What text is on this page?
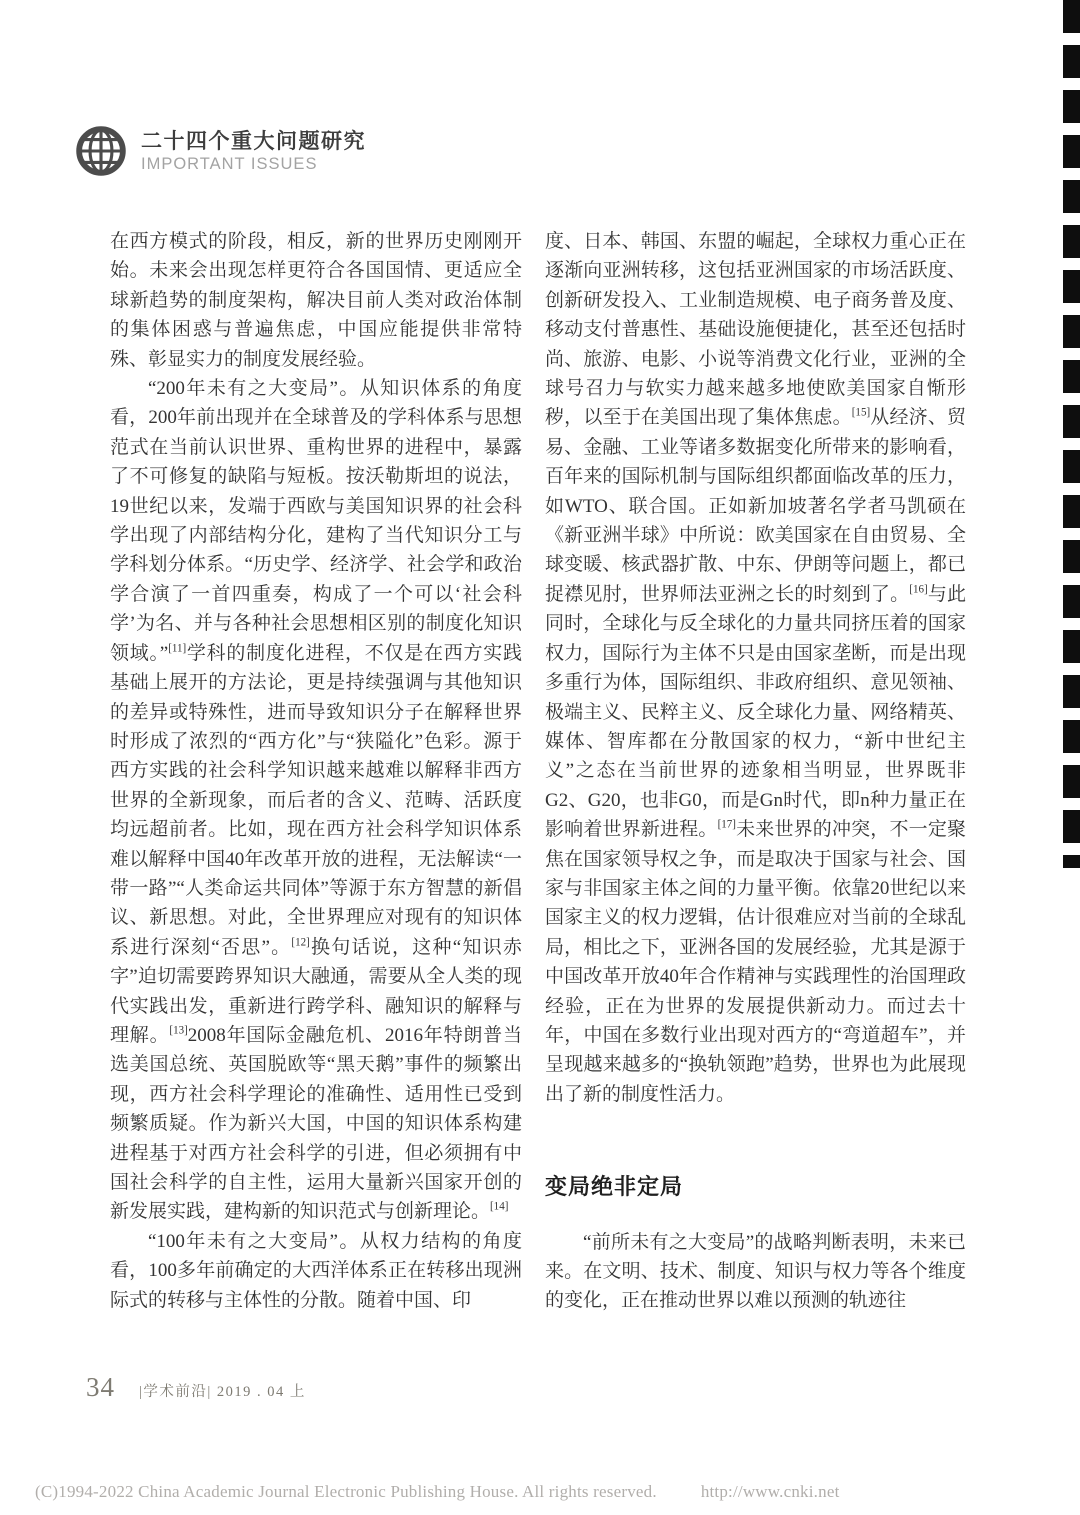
二十四个重大问题研究
IMPORTANT ISSUES

在西方模式的阶段，相反，新的世界历史刚刚开始。未来会出现怎样更符合各国国情、更适应全球新趋势的制度架构，解决目前人类对政治体制的集体困惑与普遍焦虑，中国应能提供非常特殊、彰显实力的制度发展经验。

“200年未有之大变局”。从知识体系的角度看，200年前出现并在全球普及的学科体系与思想范式在当前认识世界、重构世界的进程中，暴露了不可修复的缺陷与短板。按沃勒斯坦的说法，19世纪以来，发端于西欧与美国知识界的社会科学出现了内部结构分化，建构了当代知识分工与学科划分体系。“历史学、经济学、社会学和政治学合演了一首四重奏，构成了一个可以‘社会科学’为名、并与各种社会思想相区别的制度化知识领域。”[11]学科的制度化进程，不仅是在西方实践基础上展开的方法论，更是持续强调与其他知识的差异或特殊性，进而导致知识分子在解释世界时形成了浓烈的“西方化”与“狭隘化”色彩。源于西方实践的社会科学知识越来越难以解释非西方世界的全新现象，而后者的含义、范畴、活跃度均远超前者。比如，现在西方社会科学知识体系难以解释中国40年改革开放的进程，无法解读“一带一路”“人类命运共同体”等源于东方智慧的新倡议、新思想。对此，全世界理应对现有的知识体系进行深刻“否思”。[12]换句话说，这种“知识赤字”迫切需要跨界知识大融通，需要从全人类的现代实践出发，重新进行跨学科、融知识的解释与理解。[13]2008年国际金融危机、2016年特朗普当选美国总统、英国脱欧等“黑天鹅”事件的频繁出现，西方社会科学理论的准确性、适用性已受到频繁质疑。作为新兴大国，中国的知识体系构建进程基于对西方社会科学的引进，但必须拥有中国社会科学的自主性，运用大量新兴国家开创的新发展实践，建构新的知识范式与创新理论。[14]

“100年未有之大变局”。从权力结构的角度看，100多年前确定的大西洋体系正在转移出现洲际式的转移与主体性的分散。随着中国、印

度、日本、韩国、东盟的崛起，全球权力重心正在逐渐向亚洲转移，这包括亚洲国家的市场活跃度、创新研发投入、工业制造规模、电子商务普及度、移动支付普惠性、基础设施便捷化，甚至还包括时尚、旅游、电影、小说等消费文化行业，亚洲的全球号召力与软实力越来越多地使欧美国家自惭形秽，以至于在美国出现了集体焦虑。[15]从经济、贸易、金融、工业等诸多数据变化所带来的影响看，百年来的国际机制与国际组织都面临改革的压力，如WTO、联合国。正如新加坡著名学者马凯硕在《新亚洲半球》中所说：欧美国家在自由贸易、全球变暖、核武器扩散、中东、伊朗等问题上，都已捉襟见肘，世界师法亚洲之长的时刻到了。[16]与此同时，全球化与反全球化的力量共同挤压着的国家权力，国际行为主体不只是由国家垄断，而是出现多重行为体，国际组织、非政府组织、意见领袖、极端主义、民粹主义、反全球化力量、网络精英、媒体、智库都在分散国家的权力，“新中世纪主义”之态在当前世界的迹象相当明显，世界既非G2、G20，也非G0，而是Gn时代，即n种力量正在影响着世界新进程。[17]未来世界的冲突，不一定聚焦在国家领导权之争，而是取决于国家与社会、国家与非国家主体之间的力量平衡。依靠20世纪以来国家主义的权力逻辑，估计很难应对当前的全球乱局，相比之下，亚洲各国的发展经验，尤其是源于中国改革开放40年合作精神与实践理性的治国理政经验，正在为世界的发展提供新动力。而过去十年，中国在多数行业出现对西方的“弯道超车”，并呈现越来越多的“换轨领跑”趋势，世界也为此展现出了新的制度性活力。

变局绝非定局

“前所未有之大变局”的战略判断表明，未来已来。在文明、技术、制度、知识与权力等各个维度的变化，正在推动世界以难以预测的轨迹往

34 |学术前沿| 2019 . 04 上
(C)1994-2022 China Academic Journal Electronic Publishing House. All rights reserved.	http://www.cnki.net
